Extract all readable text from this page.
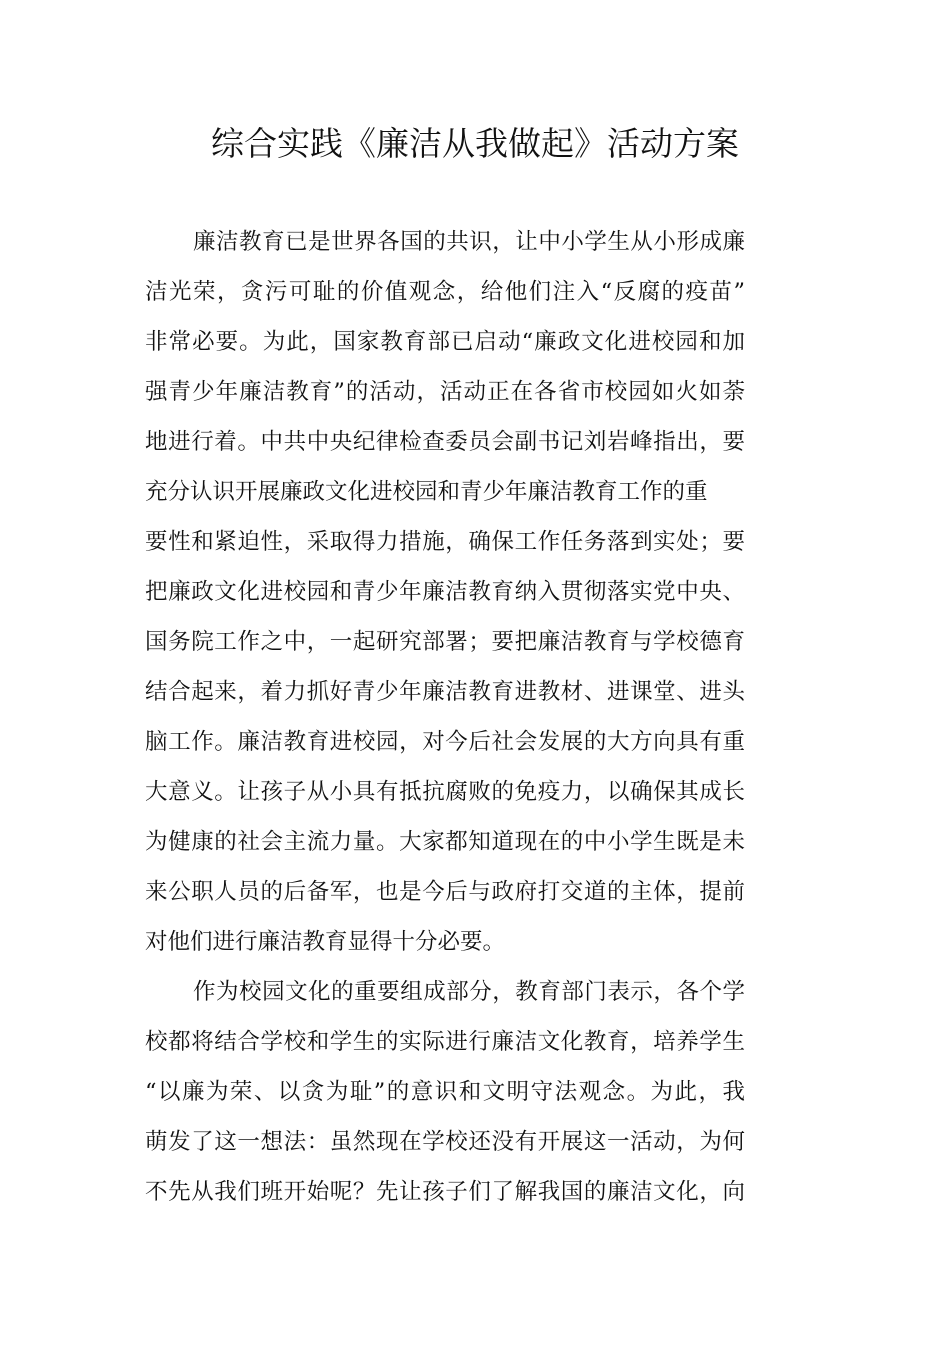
综合实践《廉洁从我做起》活动方案
廉洁教育已是世界各国的共识，让中小学生从小形成廉
洁光荣，贪污可耻的价值观念，给他们注入“反腐的疫苗”
非常必要。为此，国家教育部已启动“廉政文化进校园和加
强青少年廉洁教育”的活动，活动正在各省市校园如火如荼
地进行着。中共中央纪律检查委员会副书记刘岩峰指出，要
充分认识开展廉政文化进校园和青少年廉洁教育工作的重
要性和紧迫性，采取得力措施，确保工作任务落到实处；要
把廉政文化进校园和青少年廉洁教育纳入贯彻落实党中央、
国务院工作之中，一起研究部署；要把廉洁教育与学校德育
结合起来，着力抓好青少年廉洁教育进教材、进课堂、进头
脑工作。廉洁教育进校园，对今后社会发展的大方向具有重
大意义。让孩子从小具有抵抗腐败的免疫力，以确保其成长
为健康的社会主流力量。大家都知道现在的中小学生既是未
来公职人员的后备军，也是今后与政府打交道的主体，提前
对他们进行廉洁教育显得十分必要。
作为校园文化的重要组成部分，教育部门表示，各个学
校都将结合学校和学生的实际进行廉洁文化教育，培养学生
“以廉为荣、以贪为耻”的意识和文明守法观念。为此，我
萌发了这一想法：虽然现在学校还没有开展这一活动，为何
不先从我们班开始呢？先让孩子们了解我国的廉洁文化，向
